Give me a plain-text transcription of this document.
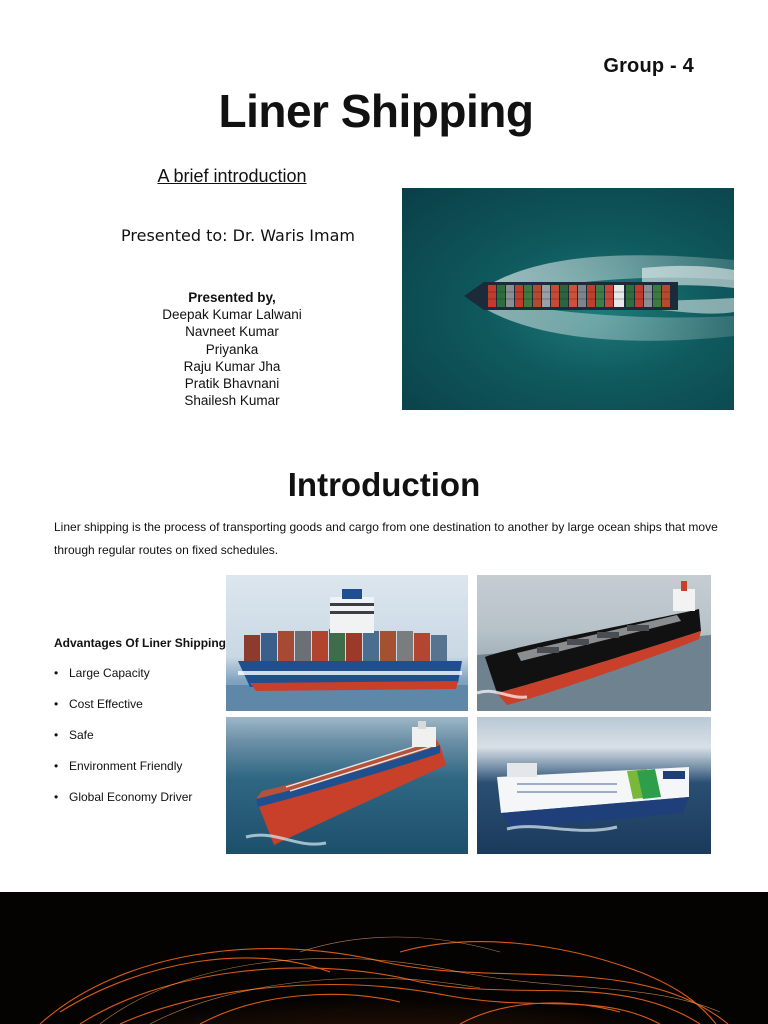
Group - 4
Liner Shipping
A brief introduction
Presented to: Dr. Waris Imam
Presented by,
Deepak Kumar Lalwani
Navneet Kumar
Priyanka
Raju Kumar Jha
Pratik Bhavnani
Shailesh Kumar
Introduction

Liner shipping is the process of transporting goods and cargo from one destination to another by large ocean ships that move through regular routes on fixed schedules.

Advantages Of Liner Shipping
• Large Capacity
• Cost Effective
• Safe
• Environment Friendly
• Global Economy Driver
